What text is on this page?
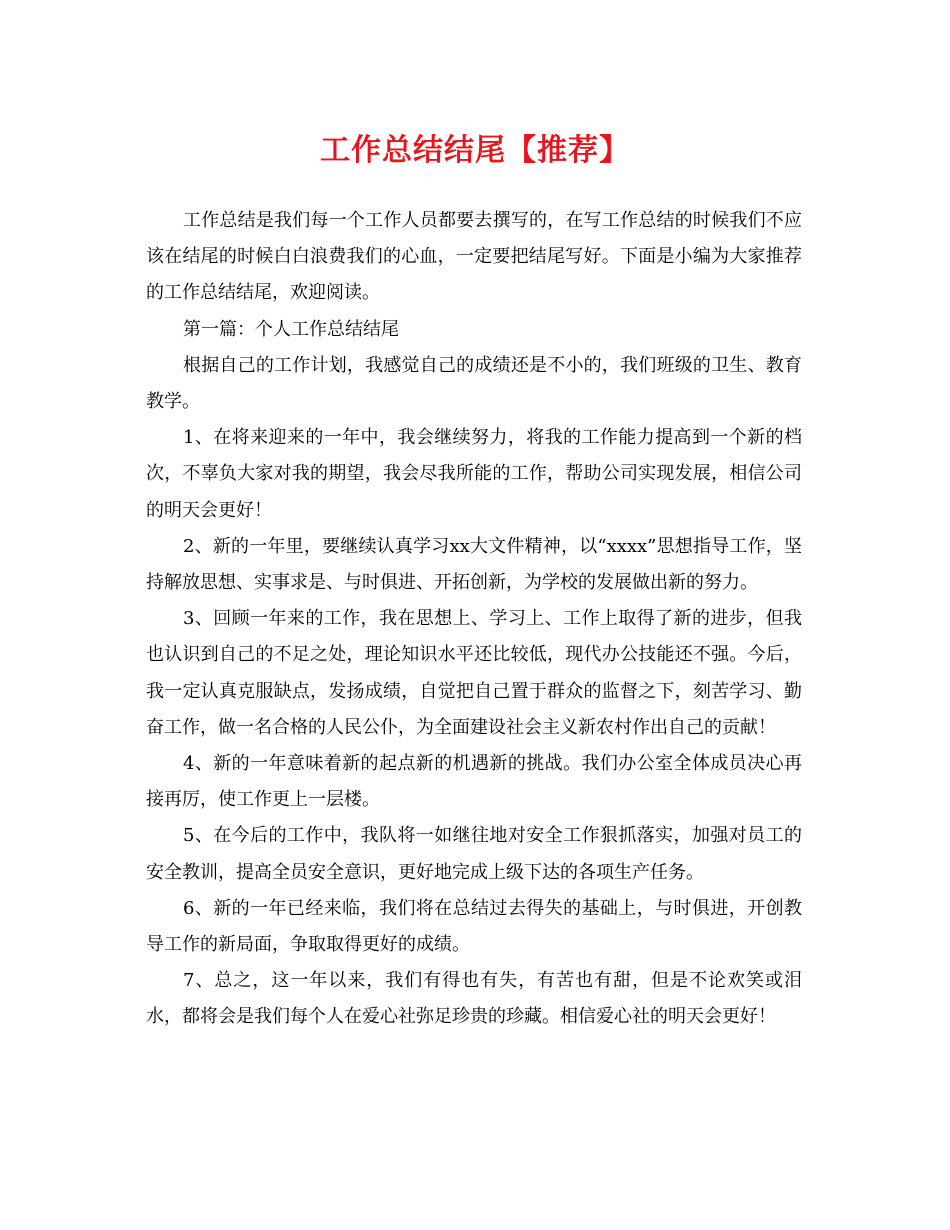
工作总结结尾【推荐】

工作总结是我们每一个工作人员都要去撰写的，在写工作总结的时候我们不应该在结尾的时候白白浪费我们的心血，一定要把结尾写好。下面是小编为大家推荐的工作总结结尾，欢迎阅读。

第一篇：个人工作总结结尾

根据自己的工作计划，我感觉自己的成绩还是不小的，我们班级的卫生、教育教学。

1、在将来迎来的一年中，我会继续努力，将我的工作能力提高到一个新的档次，不辜负大家对我的期望，我会尽我所能的工作，帮助公司实现发展，相信公司的明天会更好！

2、新的一年里，要继续认真学习xx大文件精神，以“xxxx”思想指导工作，坚持解放思想、实事求是、与时俱进、开拓创新，为学校的发展做出新的努力。

3、回顾一年来的工作，我在思想上、学习上、工作上取得了新的进步，但我也认识到自己的不足之处，理论知识水平还比较低，现代办公技能还不强。今后，我一定认真克服缺点，发扬成绩，自觉把自己置于群众的监督之下，刻苦学习、勤奋工作，做一名合格的人民公仆，为全面建设社会主义新农村作出自己的贡献！

4、新的一年意味着新的起点新的机遇新的挑战。我们办公室全体成员决心再接再厉，使工作更上一层楼。

5、在今后的工作中，我队将一如继往地对安全工作狠抓落实，加强对员工的安全教训，提高全员安全意识，更好地完成上级下达的各项生产任务。

6、新的一年已经来临，我们将在总结过去得失的基础上，与时俱进，开创教导工作的新局面，争取取得更好的成绩。

7、总之，这一年以来，我们有得也有失，有苦也有甜，但是不论欢笑或泪水，都将会是我们每个人在爱心社弥足珍贵的珍藏。相信爱心社的明天会更好！
